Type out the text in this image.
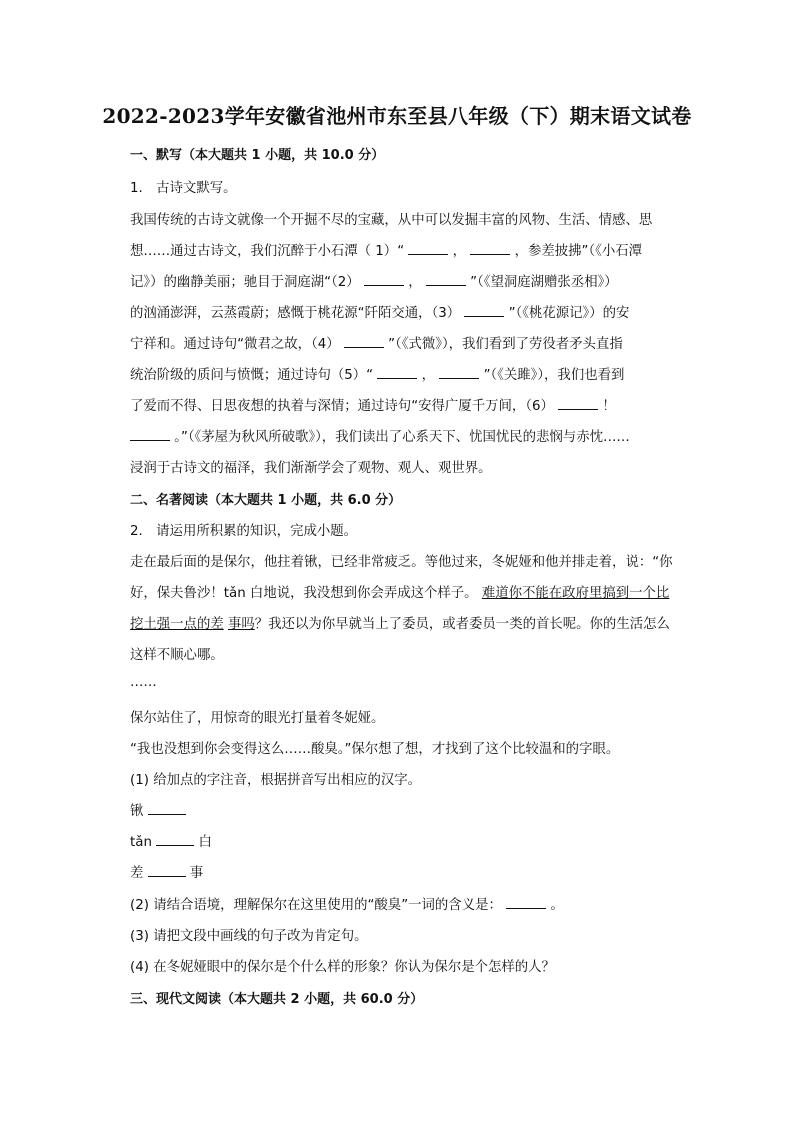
2022-2023学年安徽省池州市东至县八年级（下）期末语文试卷
一、默写（本大题共 1 小题，共 10.0 分）
1.　古诗文默写。
我国传统的古诗文就像一个开掘不尽的宝藏，从中可以发掘丰富的风物、生活、情感、思
想……通过古诗文，我们沉醉于小石潭（ 1）“	，	，参差披拂”（《小石潭
记》）的幽静美丽；驰目于洞庭湖“（2）	，	”（《望洞庭湖赠张丞相》）
的汹涌澎湃，云蒸霞蔚；感慨于桃花源“阡陌交通，（3）	”（《桃花源记》）的安
宁祥和。通过诗句“微君之故，（4）	”（《式微》），我们看到了劳役者矛头直指
统治阶级的质问与愤慨；通过诗句（5）“	，	”（《关雎》），我们也看到
了爱而不得、日思夜想的执着与深情；通过诗句“安得广厦千万间，（6）	！
。”（《茅屋为秋风所破歌》），我们读出了心系天下、忧国忧民的悲悯与赤忱……
浸润于古诗文的福泽，我们渐渐学会了观物、观人、观世界。
二、名著阅读（本大题共 1 小题，共 6.0 分）
2.　请运用所积累的知识，完成小题。
走在最后面的是保尔，他拄着锹，已经非常疲乏。等他过来，冬妮娅和他并排走着，说：“你
好，保夫鲁沙！tǎn 白地说，我没想到你会弄成这个样子。 难道你不能在政府里搞到一个比
挖土强一点的差 事吗？我还以为你早就当上了委员，或者委员一类的首长呢。你的生活怎么
这样不顺心哪。
……
保尔站住了，用惊奇的眼光打量着冬妮娅。
“我也没想到你会变得这么……酸臭。”保尔想了想，才找到了这个比较温和的字眼。
(1) 给加点的字注音，根据拼音写出相应的汉字。
锹
tǎn	白
差	事
(2) 请结合语境，理解保尔在这里使用的“酸臭”一词的含义是：	。
(3) 请把文段中画线的句子改为肯定句。
(4) 在冬妮娅眼中的保尔是个什么样的形象？你认为保尔是个怎样的人？
三、现代文阅读（本大题共 2 小题，共 60.0 分）
